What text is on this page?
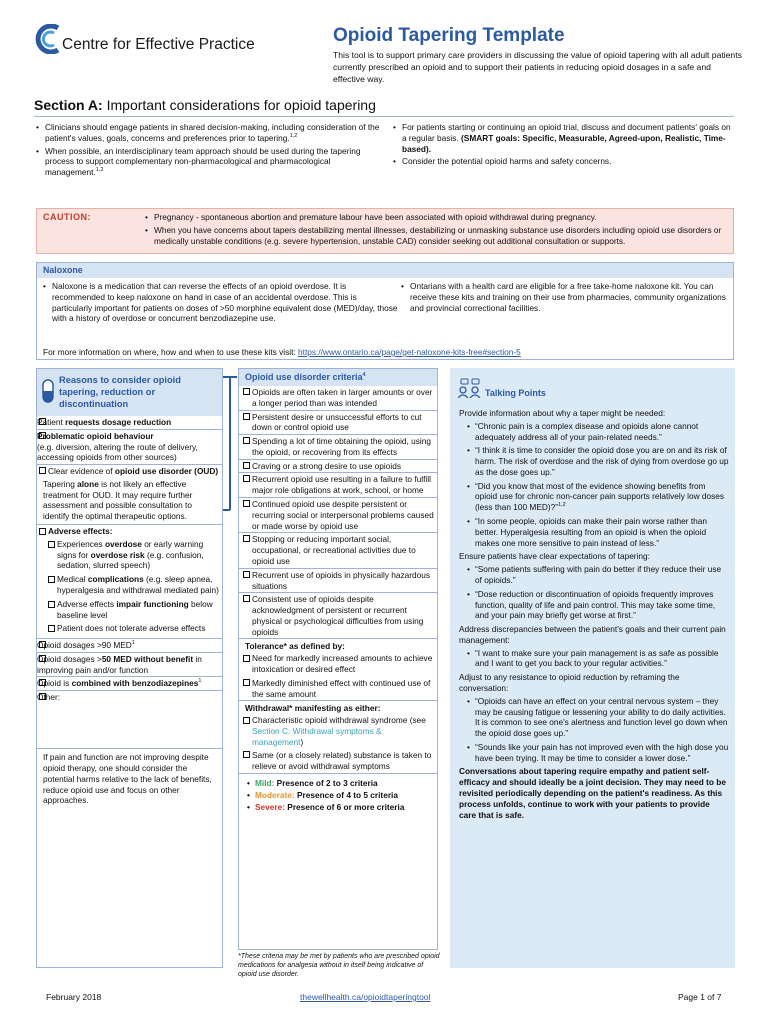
Centre for Effective Practice	Opioid Tapering Template
This tool is to support primary care providers in discussing the value of opioid tapering with all adult patients currently prescribed an opioid and to support their patients in reducing opioid dosages in a safe and effective way.
Section A: Important considerations for opioid tapering
• Clinicians should engage patients in shared decision-making, including consideration of the patient's values, goals, concerns and preferences prior to tapering.$^{1,2}$
• When possible, an interdisciplinary team approach should be used during the tapering process to support complementary non-pharmacological and pharmacological management.$^{1,2}$
• For patients starting or continuing an opioid trial, discuss and document patients' goals on a regular basis. (SMART goals: Specific, Measurable, Agreed-upon, Realistic, Time-based).
• Consider the potential opioid harms and safety concerns.
CAUTION:
•	Pregnancy - spontaneous abortion and premature labour have been associated with opioid withdrawal during pregnancy.
• When you have concerns about tapers destabilizing mental illnesses, destabilizing or unmasking substance use disorders including opioid use disorders or medically unstable conditions (e.g. severe hypertension, unstable CAD) consider seeking out additional consultation or supports.
Naloxone
• Naloxone is a medication that can reverse the effects of an opioid overdose. It is recommended to keep naloxone on hand in case of an accidental overdose. This is particularly important for patients on doses of >50 morphine equivalent dose (MED)/day, those with a history of overdose or concurrent benzodiazepine use.
• Ontarians with a health card are eligible for a free take-home naloxone kit. You can receive these kits and training on their use from pharmacies, community organizations and provincial correctional facilities.
For more information on where, how and when to use these kits visit: https://www.ontario.ca/page/get-naloxone-kits-free#section-5
Reasons to consider opioid tapering, reduction or discontinuation
Patient requests dosage reduction
Problematic opioid behaviour
(e.g. diversion, altering the route of delivery, accessing opioids from other sources)
Clear evidence of opioid use disorder (OUD)
Tapering alone is not likely an effective treatment for OUD. It may require further assessment and possible consultation to identify the optimal therapeutic options.
Adverse effects:
Experiences overdose or early warning signs for overdose risk (e.g. confusion, sedation, slurred speech)
Medical complications (e.g. sleep apnea, hyperalgesia and withdrawal mediated pain)
Adverse effects impair functioning below baseline level
Patient does not tolerate adverse effects
Opioid dosages >90 MED$^1$
Opioid dosages >50 MED without benefit in improving pain and/or function
Opioid is combined with benzodiazepines$^1$
Other:
If pain and function are not improving despite opioid therapy, one should consider the potential harms relative to the lack of benefits, reduce opioid use and focus on other approaches.
Opioid use disorder criteria$^4$
Opioids are often taken in larger amounts or over a longer period than was intended
Persistent desire or unsuccessful efforts to cut down or control opioid use
Spending a lot of time obtaining the opioid, using the opioid, or recovering from its effects
Craving or a strong desire to use opioids
Recurrent opioid use resulting in a failure to fulfill major role obligations at work, school, or home
Continued opioid use despite persistent or recurring social or interpersonal problems caused or made worse by opioid use
Stopping or reducing important social, occupational, or recreational activities due to opioid use
Recurrent use of opioids in physically hazardous situations
Consistent use of opioids despite acknowledgment of persistent or recurrent physical or psychological difficulties from using opioids
Tolerance* as defined by:
Need for markedly increased amounts to achieve intoxication or desired effect
Markedly diminished effect with continued use of the same amount
Withdrawal* manifesting as either:
Characteristic opioid withdrawal syndrome (see Section C: Withdrawal symptoms & management)
Same (or a closely related) substance is taken to relieve or avoid withdrawal symptoms
• Mild: Presence of 2 to 3 criteria
• Moderate: Presence of 4 to 5 criteria
• Severe: Presence of 6 or more criteria
*These criteria may be met by patients who are prescribed opioid medications for analgesia without in itself being indicative of opioid use disorder.
Talking Points

Provide information about why a taper might be needed:

• “Chronic pain is a complex disease and opioids alone cannot adequately address all of your pain-related needs.”
• “I think it is time to consider the opioid dose you are on and its risk of harm. The risk of overdose and the risk of dying from overdose go up as the dose goes up.”
• “Did you know that most of the evidence showing benefits from opioid use for chronic non-cancer pain supports relatively low doses (less than 100 MED)?”$^{1,2}$
• “In some people, opioids can make their pain worse rather than better. Hyperalgesia resulting from an opioid is when the opioid makes one more sensitive to pain instead of less.”

Ensure patients have clear expectations of tapering:

• “Some patients suffering with pain do better if they reduce their use of opioids.”
• “Dose reduction or discontinuation of opioids frequently improves function, quality of life and pain control. This may take some time, and your pain may briefly get worse at first.”

Address discrepancies between the patient's goals and their current pain management:

• “I want to make sure your pain management is as safe as possible and I want to get you back to your regular activities.”

Adjust to any resistance to opioid reduction by reframing the conversation:

• “Opioids can have an effect on your central nervous system – they may be causing fatigue or lessening your ability to do daily activities. It is common to see one's alertness and function level go down when the opioid dose goes up.”
• “Sounds like your pain has not improved even with the high dose you have been trying. It may be time to consider a lower dose.”

Conversations about tapering require empathy and patient self-efficacy and should ideally be a joint decision. They may need to be revisited periodically depending on the patient's readiness. As this process unfolds, continue to work with your patients to provide care that is safe.

February 2018	thewellhealth.ca/opioidtaperingtool	Page 1 of 7
